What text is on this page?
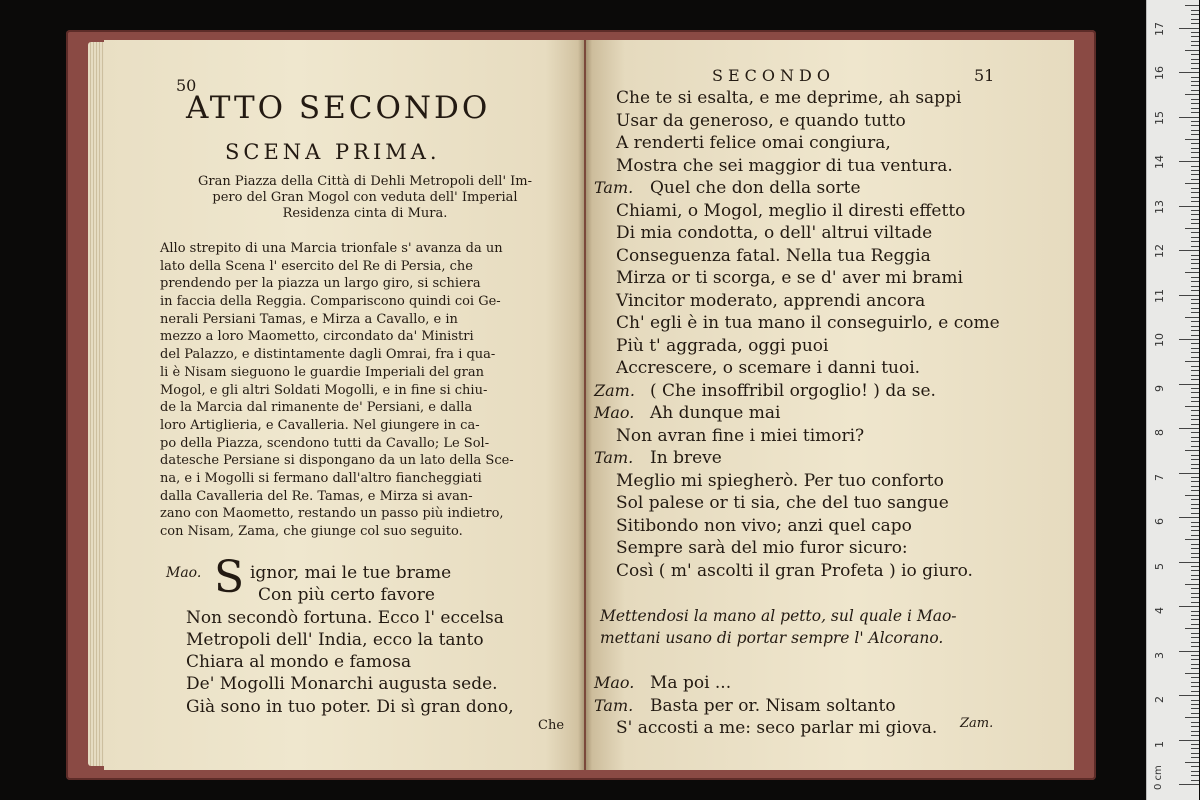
50
ATTO SECONDO
SCENA PRIMA.
Gran Piazza della Città di Dehli Metropoli dell' Im-
pero del Gran Mogol con veduta dell' Imperial
Residenza cinta di Mura.
Allo strepito di una Marcia trionfale s' avanza da un
lato della Scena l' esercito del Re di Persia, che
prendendo per la piazza un largo giro, si schiera
in faccia della Reggia. Compariscono quindi coi Ge-
nerali Persiani Tamas, e Mirza a Cavallo, e in
mezzo a loro Maometto, circondato da' Ministri
del Palazzo, e distintamente dagli Omrai, fra i qua-
li è Nisam sieguono le guardie Imperiali del gran
Mogol, e gli altri Soldati Mogolli, e in fine si chiu-
de la Marcia dal rimanente de' Persiani, e dalla
loro Artiglieria, e Cavalleria. Nel giungere in ca-
po della Piazza, scendono tutti da Cavallo; Le Sol-
datesche Persiane si dispongano da un lato della Sce-
na, e i Mogolli si fermano dall'altro fiancheggiati
dalla Cavalleria del Re. Tamas, e Mirza si avan-
zano con Maometto, restando un passo più indietro,
con Nisam, Zama, che giunge col suo seguito.
Mao. S ignor, mai le tue brame
Con più certo favore
Non secondò fortuna. Ecco l' eccelsa
Metropoli dell' India, ecco la tanto
Chiara al mondo e famosa
De' Mogolli Monarchi augusta sede.
Già sono in tuo poter. Di sì gran dono,
Che
SECONDO	51
Che te si esalta, e me deprime, ah sappi
Usar da generoso, e quando tutto
A renderti felice omai congiura,
Mostra che sei maggior di tua ventura.
Tam. Quel che don della sorte
Chiami, o Mogol, meglio il diresti effetto
Di mia condotta, o dell' altrui viltade
Conseguenza fatal. Nella tua Reggia
Mirza or ti scorga, e se d' aver mi brami
Vincitor moderato, apprendi ancora
Ch' egli è in tua mano il conseguirlo, e come
Più t' aggrada, oggi puoi
Accrescere, o scemare i danni tuoi.
Zam. ( Che insoffribil orgoglio! ) da se.
Mao. Ah dunque mai
Non avran fine i miei timori?
Tam. In breve
Meglio mi spiegherò. Per tuo conforto
Sol palese or ti sia, che del tuo sangue
Sitibondo non vivo; anzi quel capo
Sempre sarà del mio furor sicuro:
Così ( m' ascolti il gran Profeta ) io giuro.
Mettendosi la mano al petto, sul quale i Mao-
mettani usano di portar sempre l' Alcorano.
Mao. Ma poi ...
Tam. Basta per or. Nisam soltanto
S' accosti a me: seco parlar mi giova. Zam.
0 cm
1
2
3
4
5
6
7
8
9
10
11
12
13
14
15
16
17
